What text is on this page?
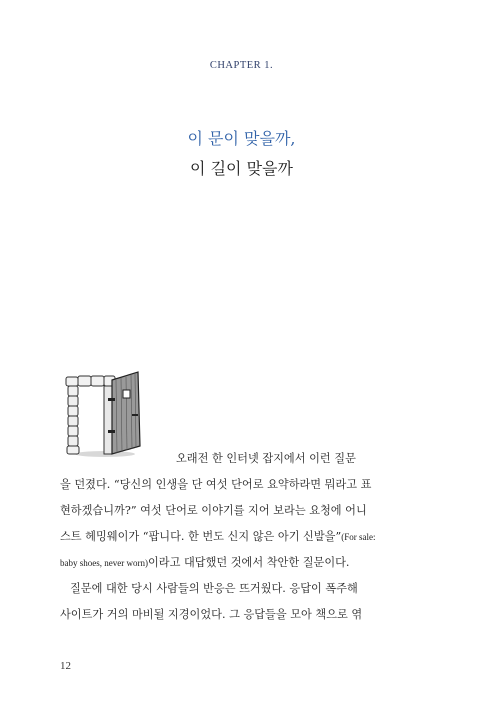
CHAPTER 1.
이 문이 맞을까,
이 길이 맞을까
오래전 한 인터넷 잡지에서 이런 질문
을 던졌다. “당신의 인생을 단 여섯 단어로 요약하라면 뭐라고 표
현하겠습니까?” 여섯 단어로 이야기를 지어 보라는 요청에 어니
스트 헤밍웨이가 “팝니다. 한 번도 신지 않은 아기 신발을”(For sale:
baby shoes, never worn)이라고 대답했던 것에서 착안한 질문이다.
질문에 대한 당시 사람들의 반응은 뜨거웠다. 응답이 폭주해
사이트가 거의 마비될 지경이었다. 그 응답들을 모아 책으로 엮
12
